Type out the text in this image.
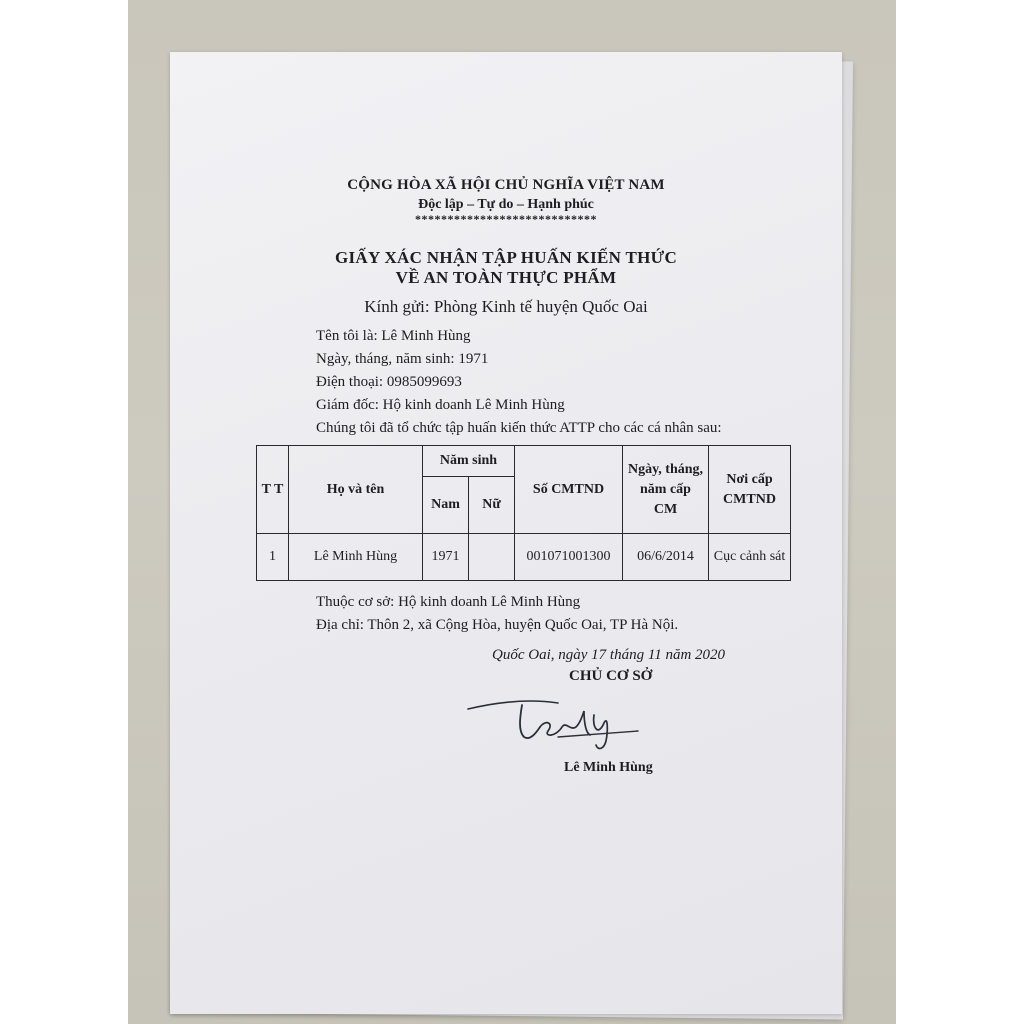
CỘNG HÒA XÃ HỘI CHỦ NGHĨA VIỆT NAM
Độc lập – Tự do – Hạnh phúc
****************************
GIẤY XÁC NHẬN TẬP HUẤN KIẾN THỨC
VỀ AN TOÀN THỰC PHẨM
Kính gửi: Phòng Kinh tế huyện Quốc Oai
Tên tôi là: Lê Minh Hùng
Ngày, tháng, năm sinh: 1971
Điện thoại: 0985099693
Giám đốc: Hộ kinh doanh Lê Minh Hùng
Chúng tôi đã tổ chức tập huấn kiến thức ATTP cho các cá nhân sau:
T T	Họ và tên	Năm sinh		Số CMTND	Ngày, tháng, năm cấp CM	Nơi cấp CMTND
		Nam	Nữ			
1	Lê Minh Hùng	1971		001071001300	06/6/2014	Cục cảnh sát
Thuộc cơ sở: Hộ kinh doanh Lê Minh Hùng
Địa chỉ: Thôn 2, xã Cộng Hòa, huyện Quốc Oai, TP Hà Nội.
Quốc Oai, ngày 17 tháng 11 năm 2020
CHỦ CƠ SỞ
Lê Minh Hùng
